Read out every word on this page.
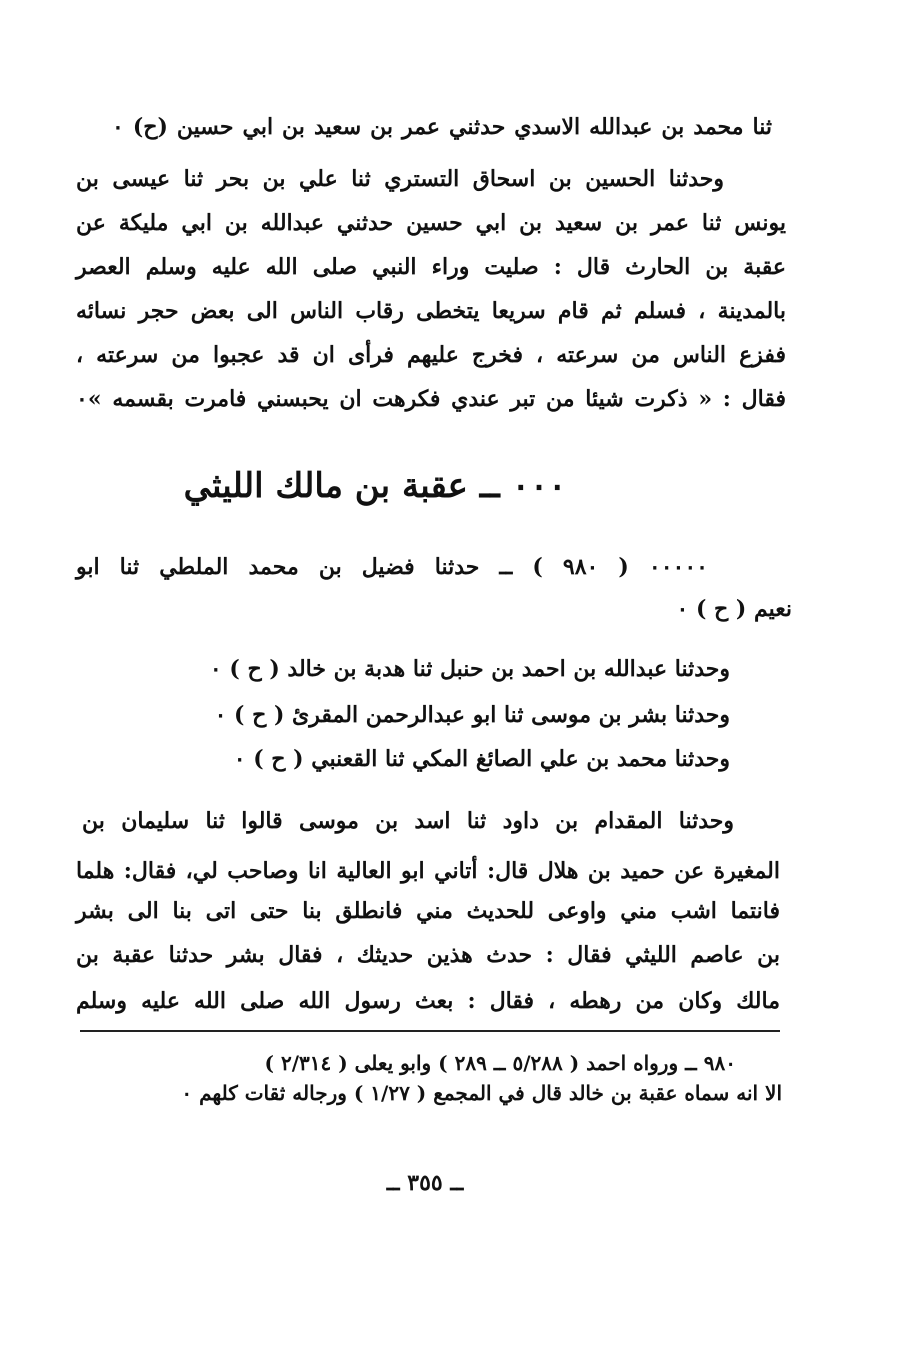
ثنا محمد بن عبدالله الاسدي حدثني عمر بن سعيد بن ابي حسين (ح) ٠
وحدثنا الحسين بن اسحاق التستري ثنا علي بن بحر ثنا عيسى بن
يونس ثنا عمر بن سعيد بن ابي حسين حدثني عبدالله بن ابي مليكة عن
عقبة بن الحارث قال : صليت وراء النبي صلى الله عليه وسلم العصر
بالمدينة ، فسلم ثم قام سريعا يتخطى رقاب الناس الى بعض حجر نسائه
ففزع الناس من سرعته ، فخرج عليهم فرأى ان قد عجبوا من سرعته ،
فقال : « ذكرت شيئا من تبر عندي فكرهت ان يحبسني فامرت بقسمه »٠
٠٠٠ ــ عقبة بن مالك الليثي
٠٠٠٠٠ ( ٩٨٠ ) ــ حدثنا فضيل بن محمد الملطي ثنا ابو
نعيم ( ح ) ٠
وحدثنا عبدالله بن احمد بن حنبل ثنا هدبة بن خالد ( ح ) ٠
وحدثنا بشر بن موسى ثنا ابو عبدالرحمن المقرئ ( ح ) ٠
وحدثنا محمد بن علي الصائغ المكي ثنا القعنبي ( ح ) ٠
وحدثنا المقدام بن داود ثنا اسد بن موسى قالوا ثنا سليمان بن
المغيرة عن حميد بن هلال قال: أتاني ابو العالية انا وصاحب لي، فقال: هلما
فانتما اشب مني واوعى للحديث مني فانطلق بنا حتى اتى بنا الى بشر
بن عاصم الليثي فقال : حدث هذين حديثك ، فقال بشر حدثنا عقبة بن
مالك وكان من رهطه ، فقال : بعث رسول الله صلى الله عليه وسلم
٩٨٠ ــ ورواه احمد ( ٥/٢٨٨ ــ ٢٨٩ ) وابو يعلى ( ٢/٣١٤ )
الا انه سماه عقبة بن خالد قال في المجمع ( ١/٢٧ ) ورجاله ثقات كلهم ٠
ــ ٣٥٥ ــ
